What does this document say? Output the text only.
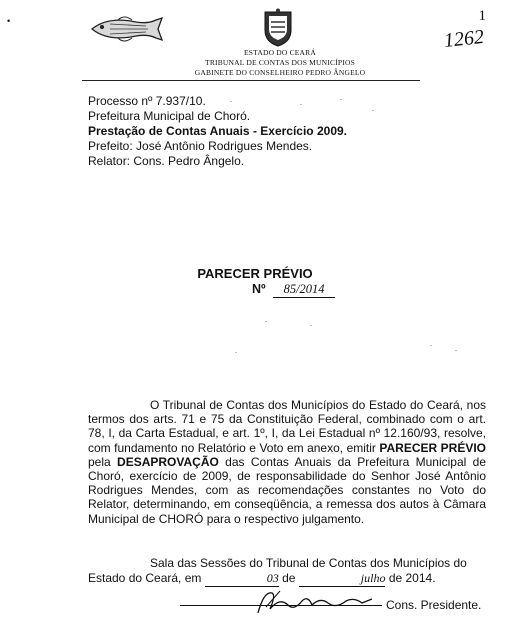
1
•
ESTADO DO CEARÁ
TRIBUNAL DE CONTAS DOS MUNICÍPIOS
GABINETE DO CONSELHEIRO PEDRO ÂNGELO
1262
Processo nº 7.937/10.
Prefeitura Municipal de Choró.
Prestação de Contas Anuais - Exercício 2009.
Prefeito: José Antônio Rodrigues Mendes.
Relator: Cons. Pedro Ângelo.
PARECER PRÉVIO
Nº 85/2014
O Tribunal de Contas dos Municípios do Estado do Ceará, nos termos dos arts. 71 e 75 da Constituição Federal, combinado com o art. 78, I, da Carta Estadual, e art. 1º, I, da Lei Estadual nº 12.160/93, resolve, com fundamento no Relatório e Voto em anexo, emitir PARECER PRÉVIO pela DESAPROVAÇÃO das Contas Anuais da Prefeitura Municipal de Choró, exercício de 2009, de responsabilidade do Senhor José Antônio Rodrigues Mendes, com as recomendações constantes no Voto do Relator, determinando, em conseqüência, a remessa dos autos à Câmara Municipal de CHORÓ para o respectivo julgamento.
Sala das Sessões do Tribunal de Contas dos Municípios do Estado do Ceará, em	03 de	julho de 2014.
Cons. Presidente.
